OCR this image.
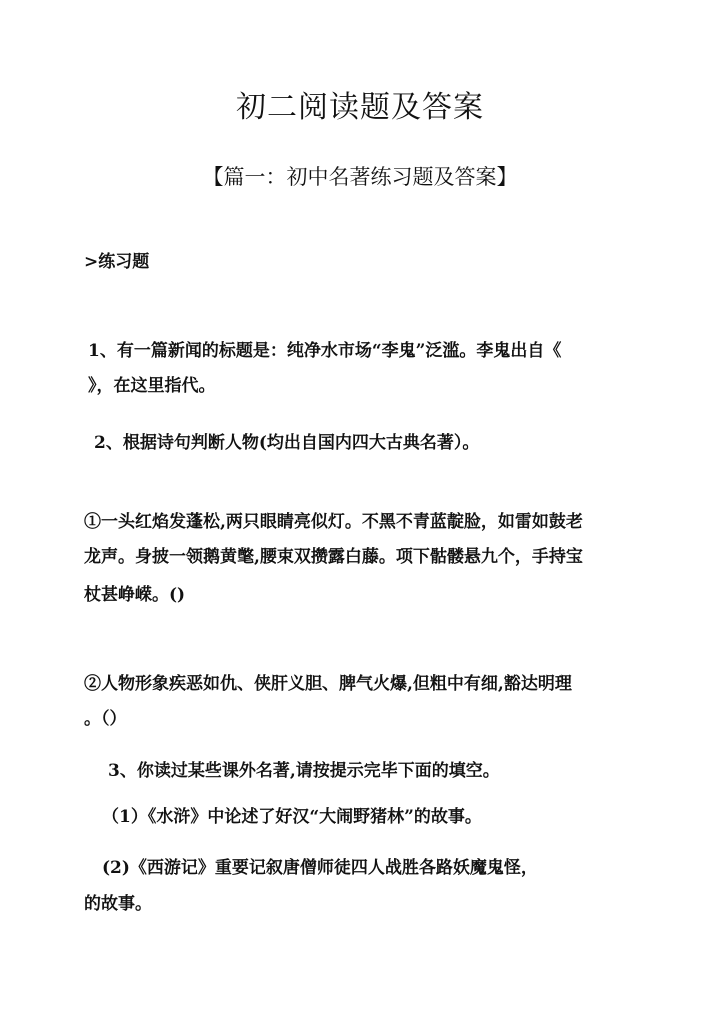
初二阅读题及答案
【篇一：初中名著练习题及答案】
>练习题
1、有一篇新闻的标题是：纯净水市场“李鬼”泛滥。李鬼出自《
》，在这里指代。
2、根据诗句判断人物(均出自国内四大古典名著）。
①一头红焰发蓬松,两只眼睛亮似灯。不黑不青蓝靛脸，如雷如鼓老
龙声。身披一领鹅黄氅,腰束双攒露白藤。项下骷髅悬九个，手持宝
杖甚峥嵘。()
②人物形象疾恶如仇、侠肝义胆、脾气火爆,但粗中有细,豁达明理
。（）
3、你读过某些课外名著,请按提示完毕下面的填空。
（1）《水浒》中论述了好汉“大闹野猪林”的故事。
(2)《西游记》重要记叙唐僧师徒四人战胜各路妖魔鬼怪，
的故事。
